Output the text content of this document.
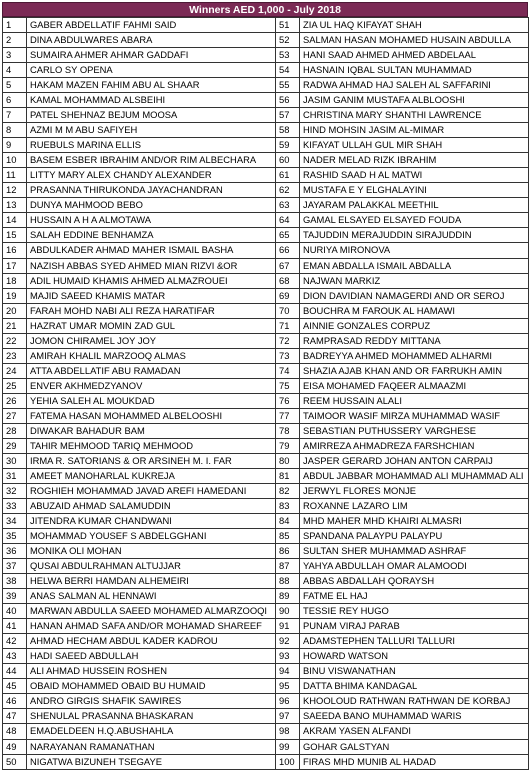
Winners AED 1,000 - July 2018
1	GABER ABDELLATIF FAHMI SAID	51	ZIA UL HAQ KIFAYAT SHAH
2	DINA ABDULWARES ABARA	52	SALMAN HASAN MOHAMED HUSAIN ABDULLA
3	SUMAIRA AHMER AHMAR GADDAFI	53	HANI SAAD AHMED AHMED ABDELAAL
4	CARLO SY OPENA	54	HASNAIN IQBAL SULTAN MUHAMMAD
5	HAKAM MAZEN FAHIM ABU AL SHAAR	55	RADWA AHMAD HAJ SALEH AL SAFFARINI
6	KAMAL MOHAMMAD ALSBEIHI	56	JASIM GANIM MUSTAFA ALBLOOSHI
7	PATEL SHEHNAZ BEJUM MOOSA	57	CHRISTINA MARY SHANTHI LAWRENCE
8	AZMI M M ABU SAFIYEH	58	HIND MOHSIN JASIM AL-MIMAR
9	RUEBULS MARINA ELLIS	59	KIFAYAT ULLAH GUL MIR SHAH
10	BASEM ESBER IBRAHIM AND/OR RIM ALBECHARA	60	NADER MELAD RIZK IBRAHIM
11	LITTY MARY ALEX CHANDY ALEXANDER	61	RASHID SAAD H AL MATWI
12	PRASANNA THIRUKONDA JAYACHANDRAN	62	MUSTAFA E Y ELGHALAYINI
13	DUNYA MAHMOOD BEBO	63	JAYARAM PALAKKAL MEETHIL
14	HUSSAIN A H A ALMOTAWA	64	GAMAL ELSAYED ELSAYED FOUDA
15	SALAH EDDINE BENHAMZA	65	TAJUDDIN MERAJUDDIN SIRAJUDDIN
16	ABDULKADER AHMAD MAHER ISMAIL BASHA	66	NURIYA MIRONOVA
17	NAZISH ABBAS SYED AHMED MIAN RIZVI &OR	67	EMAN ABDALLA ISMAIL ABDALLA
18	ADIL HUMAID KHAMIS AHMED ALMAZROUEI	68	NAJWAN MARKIZ
19	MAJID SAEED KHAMIS MATAR	69	DION DAVIDIAN NAMAGERDI AND OR SEROJ
20	FARAH MOHD NABI ALI REZA HARATIFAR	70	BOUCHRA M FAROUK AL HAMAWI
21	HAZRAT UMAR MOMIN ZAD GUL	71	AINNIE GONZALES CORPUZ
22	JOMON CHIRAMEL JOY JOY	72	RAMPRASAD REDDY MITTANA
23	AMIRAH KHALIL MARZOOQ ALMAS	73	BADREYYA AHMED MOHAMMED ALHARMI
24	ATTA ABDELLATIF ABU RAMADAN	74	SHAZIA AJAB KHAN AND OR FARRUKH AMIN
25	ENVER AKHMEDZYANOV	75	EISA MOHAMED FAQEER ALMAAZMI
26	YEHIA SALEH AL MOUKDAD	76	REEM HUSSAIN ALALI
27	FATEMA HASAN MOHAMMED ALBELOOSHI	77	TAIMOOR WASIF MIRZA MUHAMMAD WASIF
28	DIWAKAR BAHADUR BAM	78	SEBASTIAN PUTHUSSERY VARGHESE
29	TAHIR MEHMOOD TARIQ MEHMOOD	79	AMIRREZA AHMADREZA FARSHCHIAN
30	IRMA R. SATORIANS & OR ARSINEH M. I. FAR	80	JASPER GERARD JOHAN ANTON CARPAIJ
31	AMEET MANOHARLAL KUKREJA	81	ABDUL JABBAR MOHAMMAD ALI MUHAMMAD ALI
32	ROGHIEH MOHAMMAD JAVAD AREFI HAMEDANI	82	JERWYL FLORES MONJE
33	ABUZAID AHMAD SALAMUDDIN	83	ROXANNE LAZARO LIM
34	JITENDRA KUMAR CHANDWANI	84	MHD MAHER MHD KHAIRI ALMASRI
35	MOHAMMAD YOUSEF S ABDELGGHANI	85	SPANDANA PALAYPU PALAYPU
36	MONIKA OLI MOHAN	86	SULTAN SHER MUHAMMAD ASHRAF
37	QUSAI ABDULRAHMAN ALTUJJAR	87	YAHYA ABDULLAH OMAR ALAMOODI
38	HELWA BERRI HAMDAN ALHEMEIRI	88	ABBAS ABDALLAH QORAYSH
39	ANAS SALMAN AL HENNAWI	89	FATME EL HAJ
40	MARWAN ABDULLA SAEED MOHAMED ALMARZOOQI	90	TESSIE REY HUGO
41	HANAN AHMAD SAFA AND/OR MOHAMAD SHAREEF	91	PUNAM VIRAJ PARAB
42	AHMAD HECHAM ABDUL KADER KADROU	92	ADAMSTEPHEN TALLURI TALLURI
43	HADI SAEED ABDULLAH	93	HOWARD WATSON
44	ALI AHMAD HUSSEIN ROSHEN	94	BINU VISWANATHAN
45	OBAID MOHAMMED OBAID BU HUMAID	95	DATTA BHIMA KANDAGAL
46	ANDRO GIRGIS SHAFIK SAWIRES	96	KHOOLOUD RATHWAN RATHWAN DE KORBAJ
47	SHENULAL PRASANNA BHASKARAN	97	SAEEDA BANO MUHAMMAD WARIS
48	EMADELDEEN H.Q.ABUSHAHLA	98	AKRAM YASEN ALFANDI
49	NARAYANAN RAMANATHAN	99	GOHAR GALSTYAN
50	NIGATWA BIZUNEH TSEGAYE	100	FIRAS MHD MUNIB AL HADAD
